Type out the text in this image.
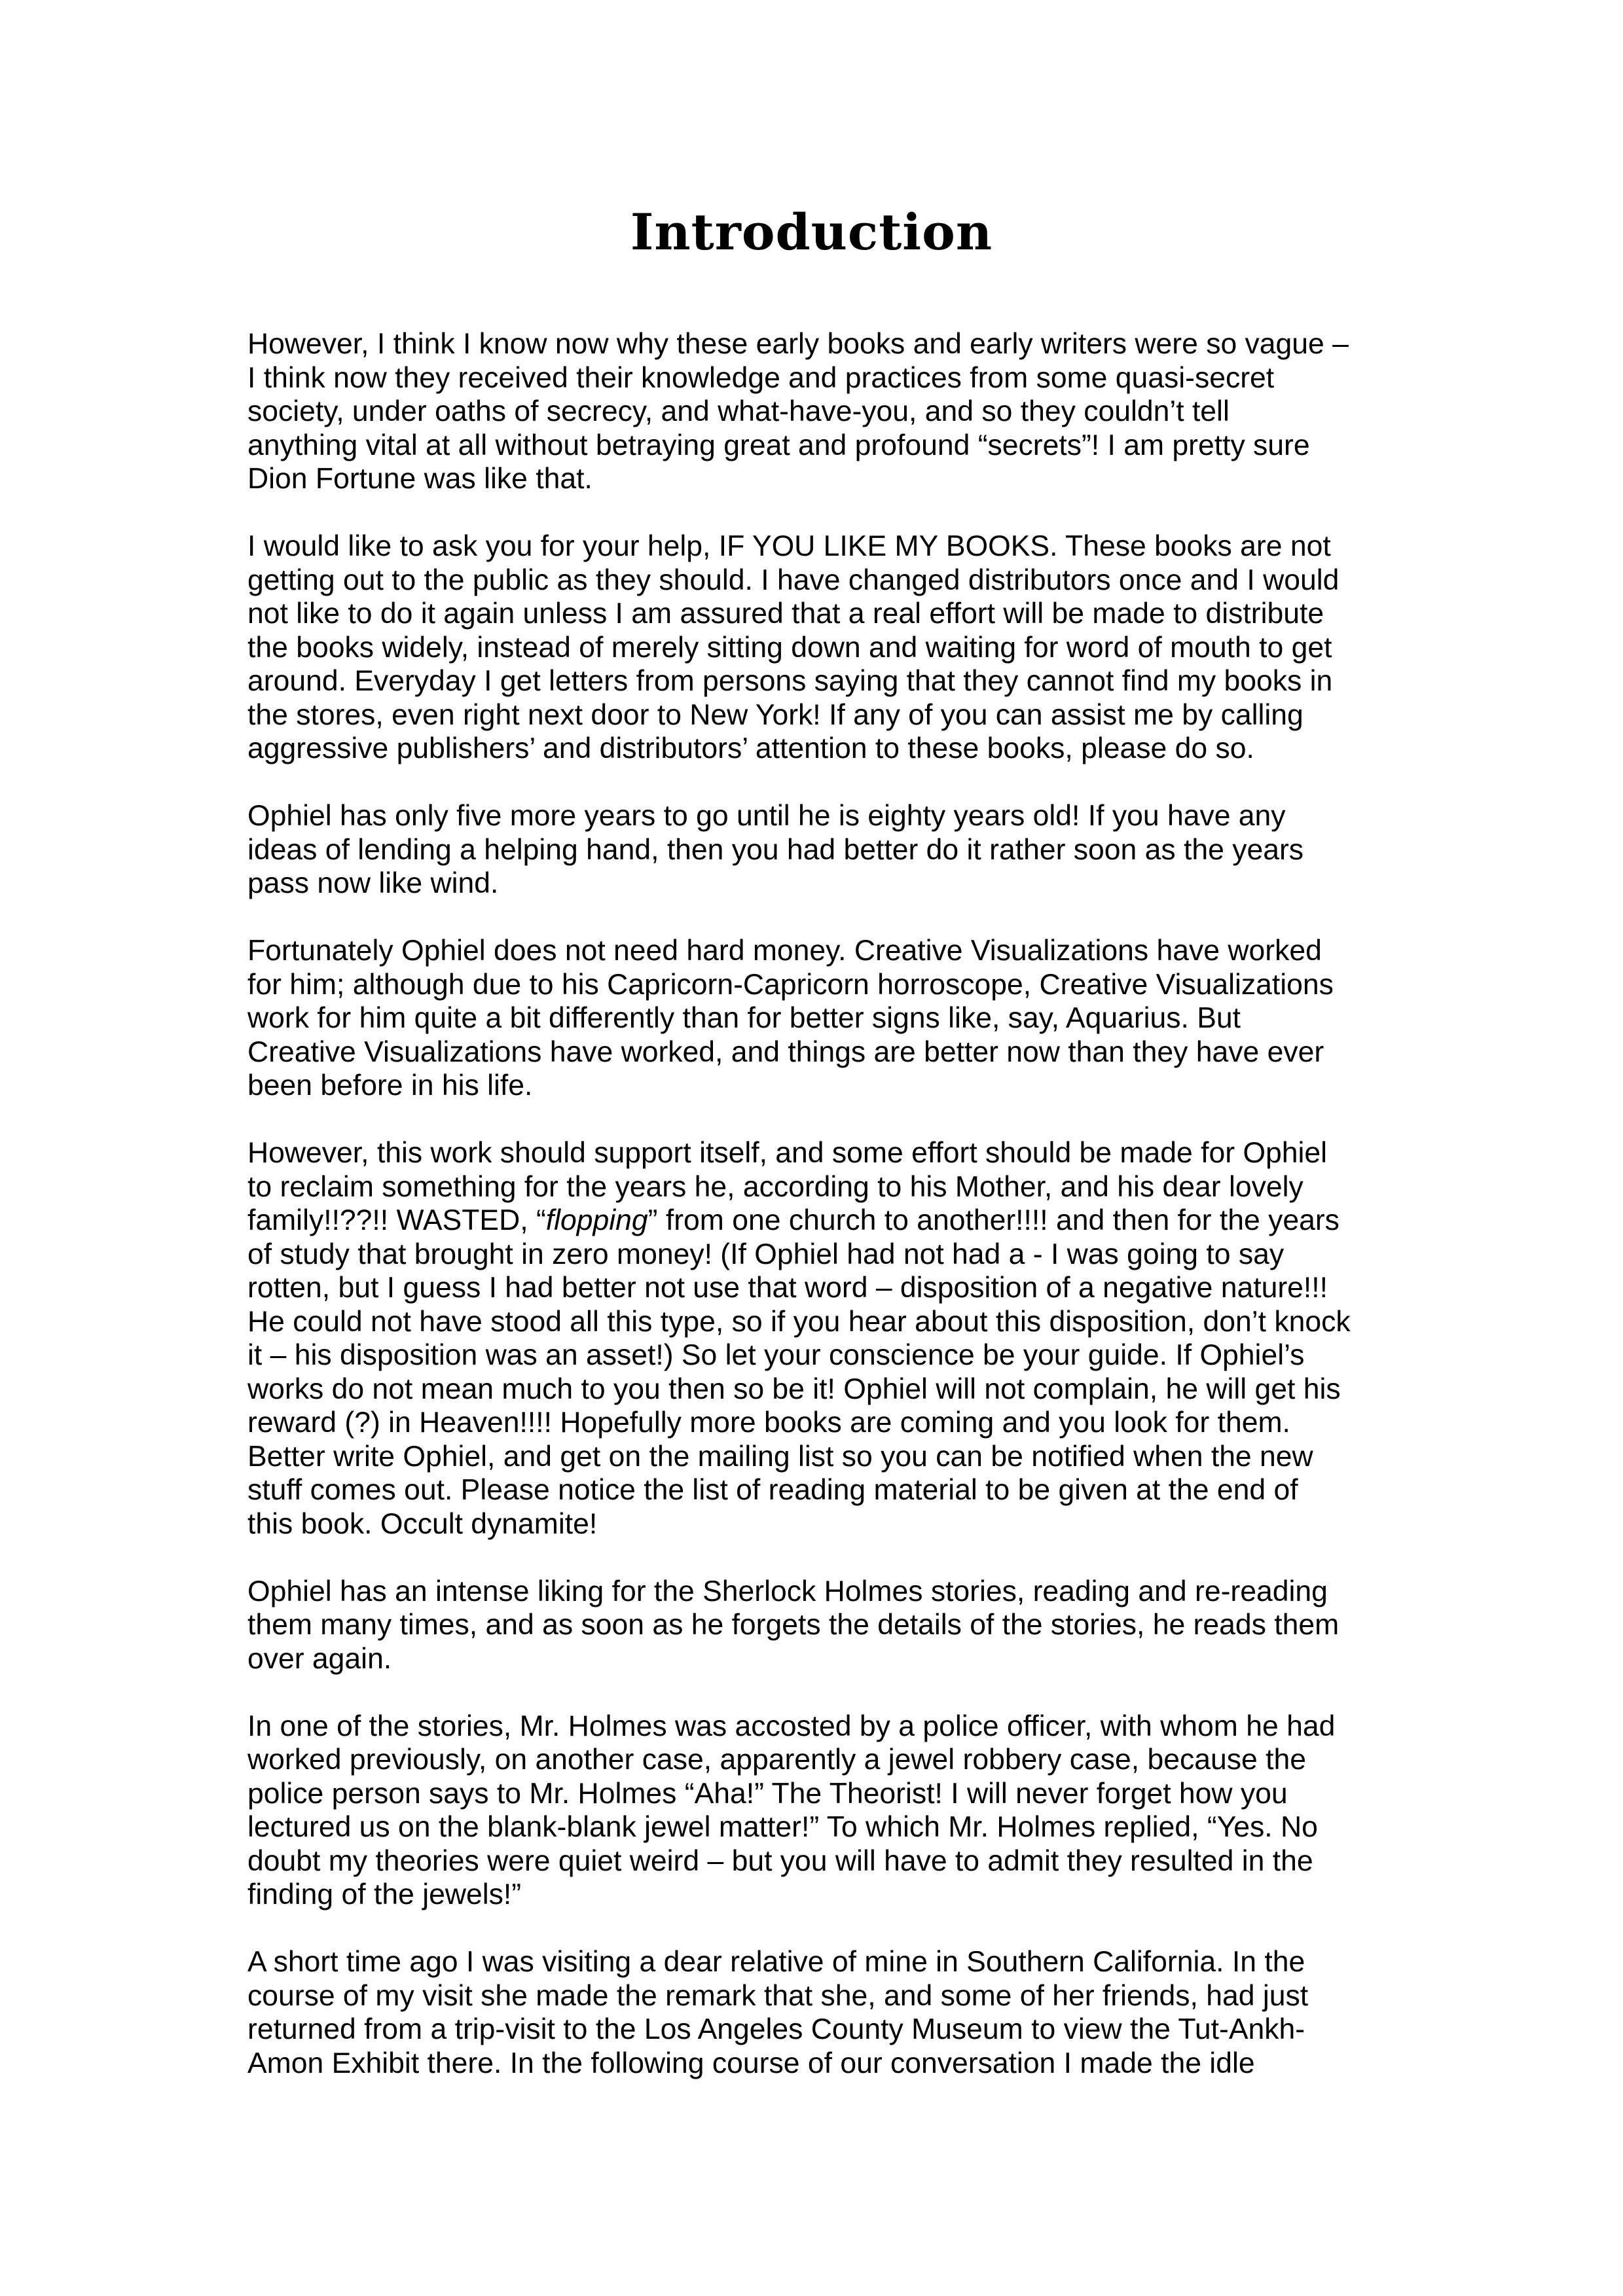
Introduction

However, I think I know now why these early books and early writers were so vague –
I think now they received their knowledge and practices from some quasi-secret
society, under oaths of secrecy, and what-have-you, and so they couldn’t tell
anything vital at all without betraying great and profound “secrets”! I am pretty sure
Dion Fortune was like that.

I would like to ask you for your help, IF YOU LIKE MY BOOKS. These books are not
getting out to the public as they should. I have changed distributors once and I would
not like to do it again unless I am assured that a real effort will be made to distribute
the books widely, instead of merely sitting down and waiting for word of mouth to get
around. Everyday I get letters from persons saying that they cannot find my books in
the stores, even right next door to New York! If any of you can assist me by calling
aggressive publishers’ and distributors’ attention to these books, please do so.

Ophiel has only five more years to go until he is eighty years old! If you have any
ideas of lending a helping hand, then you had better do it rather soon as the years
pass now like wind.

Fortunately Ophiel does not need hard money. Creative Visualizations have worked
for him; although due to his Capricorn-Capricorn horroscope, Creative Visualizations
work for him quite a bit differently than for better signs like, say, Aquarius. But
Creative Visualizations have worked, and things are better now than they have ever
been before in his life.

However, this work should support itself, and some effort should be made for Ophiel
to reclaim something for the years he, according to his Mother, and his dear lovely
family!!??!! WASTED, “flopping” from one church to another!!!! and then for the years
of study that brought in zero money! (If Ophiel had not had a - I was going to say
rotten, but I guess I had better not use that word – disposition of a negative nature!!!
He could not have stood all this type, so if you hear about this disposition, don’t knock
it – his disposition was an asset!) So let your conscience be your guide. If Ophiel’s
works do not mean much to you then so be it! Ophiel will not complain, he will get his
reward (?) in Heaven!!!! Hopefully more books are coming and you look for them.
Better write Ophiel, and get on the mailing list so you can be notified when the new
stuff comes out. Please notice the list of reading material to be given at the end of
this book. Occult dynamite!

Ophiel has an intense liking for the Sherlock Holmes stories, reading and re-reading
them many times, and as soon as he forgets the details of the stories, he reads them
over again.

In one of the stories, Mr. Holmes was accosted by a police officer, with whom he had
worked previously, on another case, apparently a jewel robbery case, because the
police person says to Mr. Holmes “Aha!” The Theorist! I will never forget how you
lectured us on the blank-blank jewel matter!” To which Mr. Holmes replied, “Yes. No
doubt my theories were quiet weird – but you will have to admit they resulted in the
finding of the jewels!”

A short time ago I was visiting a dear relative of mine in Southern California. In the
course of my visit she made the remark that she, and some of her friends, had just
returned from a trip-visit to the Los Angeles County Museum to view the Tut-Ankh-
Amon Exhibit there. In the following course of our conversation I made the idle
